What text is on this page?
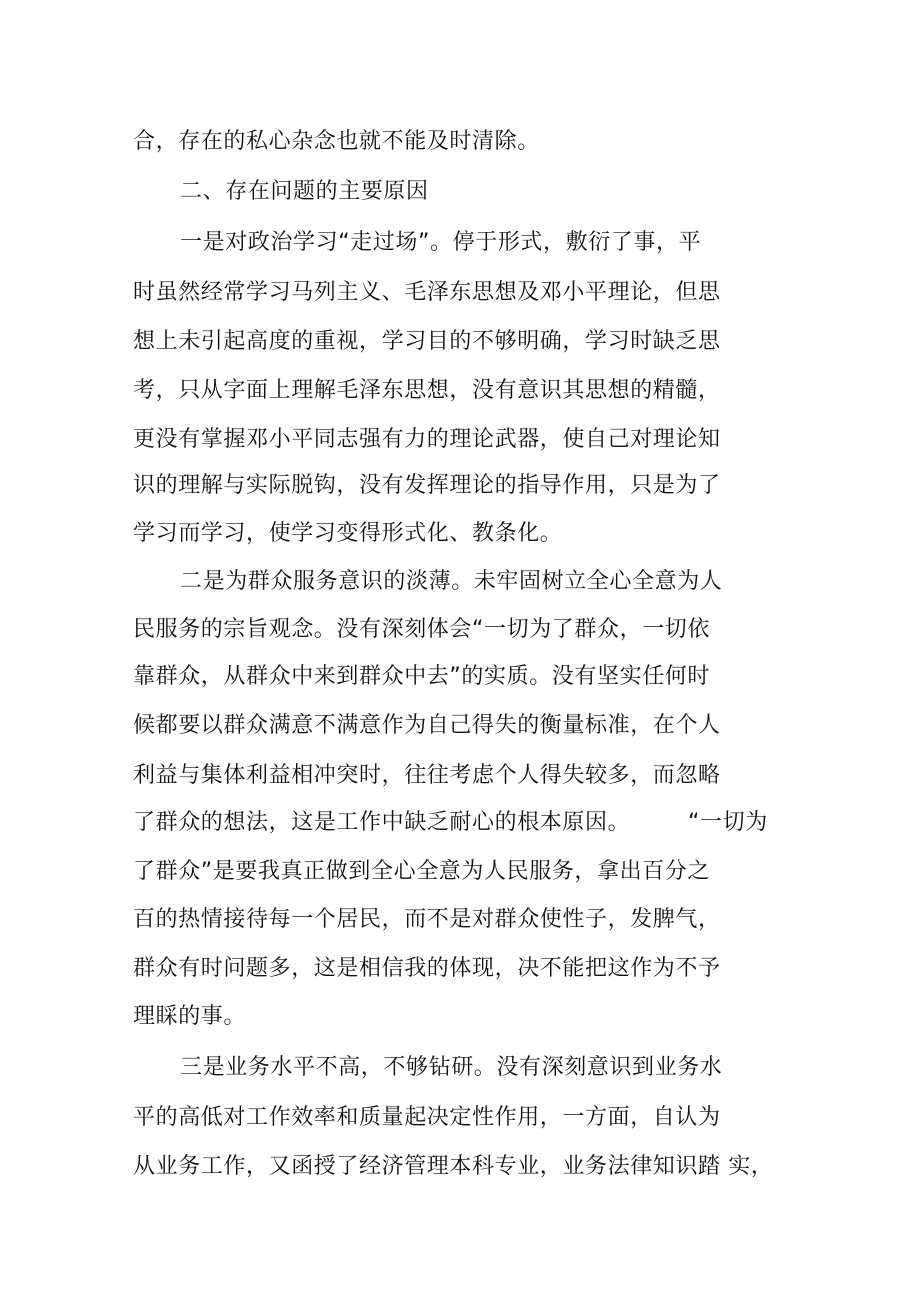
合，存在的私心杂念也就不能及时清除。
二、存在问题的主要原因
一是对政治学习“走过场”。停于形式，敷衍了事，平
时虽然经常学习马列主义、毛泽东思想及邓小平理论，但思
想上未引起高度的重视，学习目的不够明确，学习时缺乏思
考，只从字面上理解毛泽东思想，没有意识其思想的精髓，
更没有掌握邓小平同志强有力的理论武器，使自己对理论知
识的理解与实际脱钩，没有发挥理论的指导作用，只是为了
学习而学习，使学习变得形式化、教条化。
二是为群众服务意识的淡薄。未牢固树立全心全意为人
民服务的宗旨观念。没有深刻体会“一切为了群众，一切依
靠群众，从群众中来到群众中去”的实质。没有坚实任何时
候都要以群众满意不满意作为自己得失的衡量标准，在个人
利益与集体利益相冲突时，往往考虑个人得失较多，而忽略
了群众的想法，这是工作中缺乏耐心的根本原因。	“一切为
了群众”是要我真正做到全心全意为人民服务，拿出百分之
百的热情接待每一个居民，而不是对群众使性子，发脾气，
群众有时问题多，这是相信我的体现，决不能把这作为不予
理睬的事。
三是业务水平不高，不够钻研。没有深刻意识到业务水
平的高低对工作效率和质量起决定性作用，一方面，自认为
从业务工作，又函授了经济管理本科专业，业务法律知识踏 实，
